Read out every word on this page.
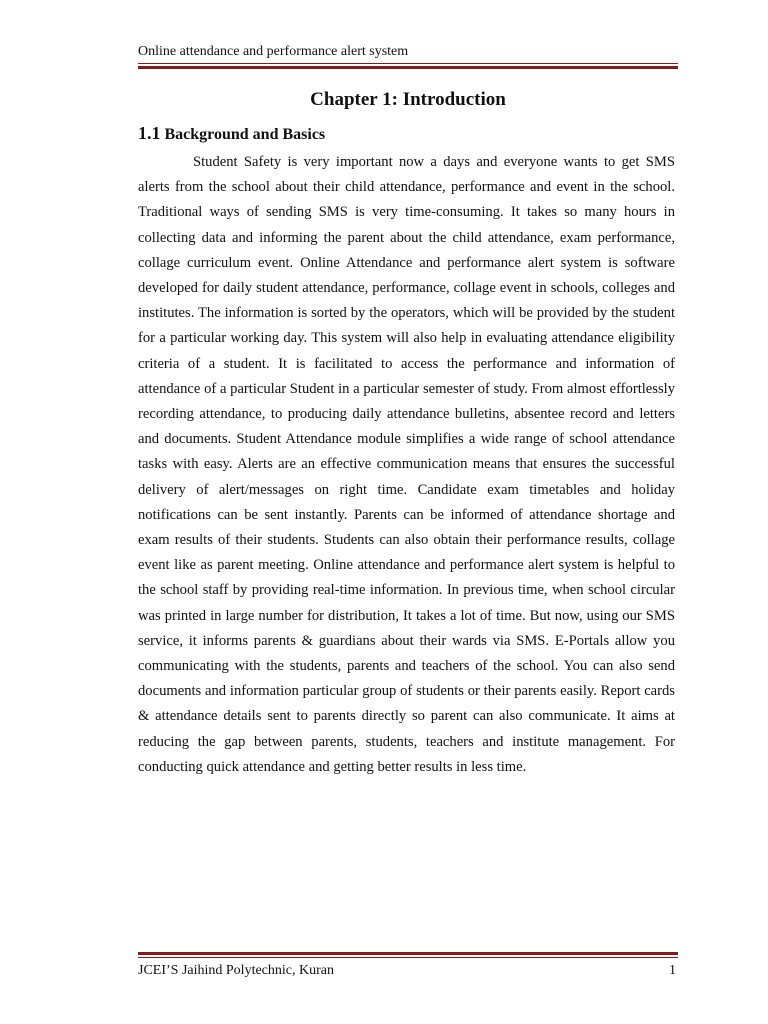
Online attendance and performance alert system
Chapter 1: Introduction
1.1 Background and Basics

Student Safety is very important now a days and everyone wants to get SMS alerts from the school about their child attendance, performance and event in the school. Traditional ways of sending SMS is very time-consuming. It takes so many hours in collecting data and informing the parent about the child attendance, exam performance, collage curriculum event. Online Attendance and performance alert system is software developed for daily student attendance, performance, collage event in schools, colleges and institutes. The information is sorted by the operators, which will be provided by the student for a particular working day. This system will also help in evaluating attendance eligibility criteria of a student. It is facilitated to access the performance and information of attendance of a particular Student in a particular semester of study. From almost effortlessly recording attendance, to producing daily attendance bulletins, absentee record and letters and documents. Student Attendance module simplifies a wide range of school attendance tasks with easy. Alerts are an effective communication means that ensures the successful delivery of alert/messages on right time. Candidate exam timetables and holiday notifications can be sent instantly. Parents can be informed of attendance shortage and exam results of their students. Students can also obtain their performance results, collage event like as parent meeting. Online attendance and performance alert system is helpful to the school staff by providing real-time information. In previous time, when school circular was printed in large number for distribution, It takes a lot of time. But now, using our SMS service, it informs parents & guardians about their wards via SMS. E-Portals allow you communicating with the students, parents and teachers of the school. You can also send documents and information particular group of students or their parents easily. Report cards & attendance details sent to parents directly so parent can also communicate. It aims at reducing the gap between parents, students, teachers and institute management. For conducting quick attendance and getting better results in less time.

JCEI’S Jaihind Polytechnic, Kuran	1
